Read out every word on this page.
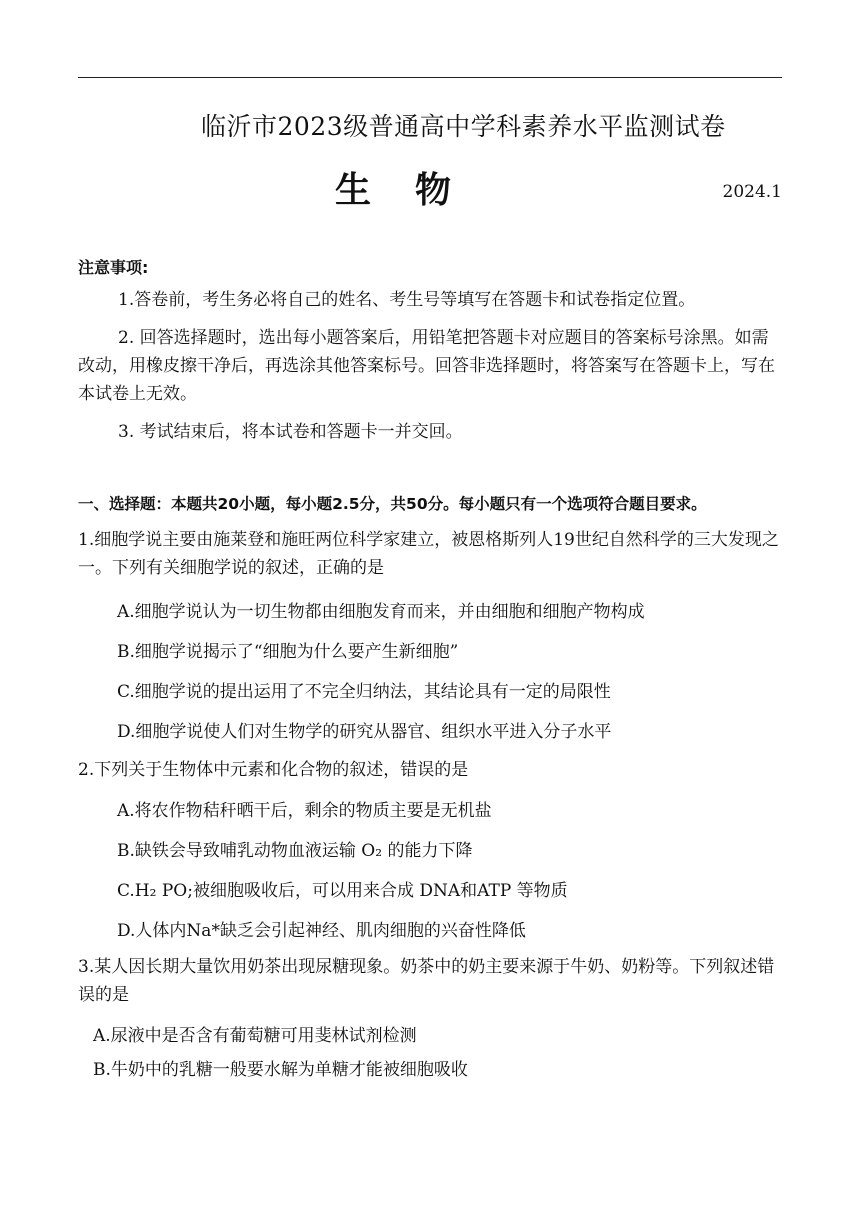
临沂市2023级普通高中学科素养水平监测试卷
生物	2024.1
注意事项:
1.答卷前，考生务必将自己的姓名、考生号等填写在答题卡和试卷指定位置。
2. 回答选择题时，选出每小题答案后，用铅笔把答题卡对应题目的答案标号涂黑。如需改动，用橡皮擦干净后，再选涂其他答案标号。回答非选择题时，将答案写在答题卡上，写在 本试卷上无效。
3. 考试结束后，将本试卷和答题卡一并交回。
一、选择题：本题共20小题，每小题2.5分，共50分。每小题只有一个选项符合题目要求。
1.细胞学说主要由施莱登和施旺两位科学家建立，被恩格斯列人19世纪自然科学的三大发现之一。下列有关细胞学说的叙述，正确的是
A.细胞学说认为一切生物都由细胞发育而来，并由细胞和细胞产物构成
B.细胞学说揭示了“细胞为什么要产生新细胞”
C.细胞学说的提出运用了不完全归纳法，其结论具有一定的局限性
D.细胞学说使人们对生物学的研究从器官、组织水平进入分子水平
2.下列关于生物体中元素和化合物的叙述，错误的是
A.将农作物秸秆晒干后，剩余的物质主要是无机盐
B.缺铁会导致哺乳动物血液运输 O₂ 的能力下降
C.H₂ PO;被细胞吸收后，可以用来合成 DNA和ATP 等物质
D.人体内Na*缺乏会引起神经、肌肉细胞的兴奋性降低
3.某人因长期大量饮用奶茶出现尿糖现象。奶茶中的奶主要来源于牛奶、奶粉等。下列叙述错误的是
A.尿液中是否含有葡萄糖可用斐林试剂检测
B.牛奶中的乳糖一般要水解为单糖才能被细胞吸收
